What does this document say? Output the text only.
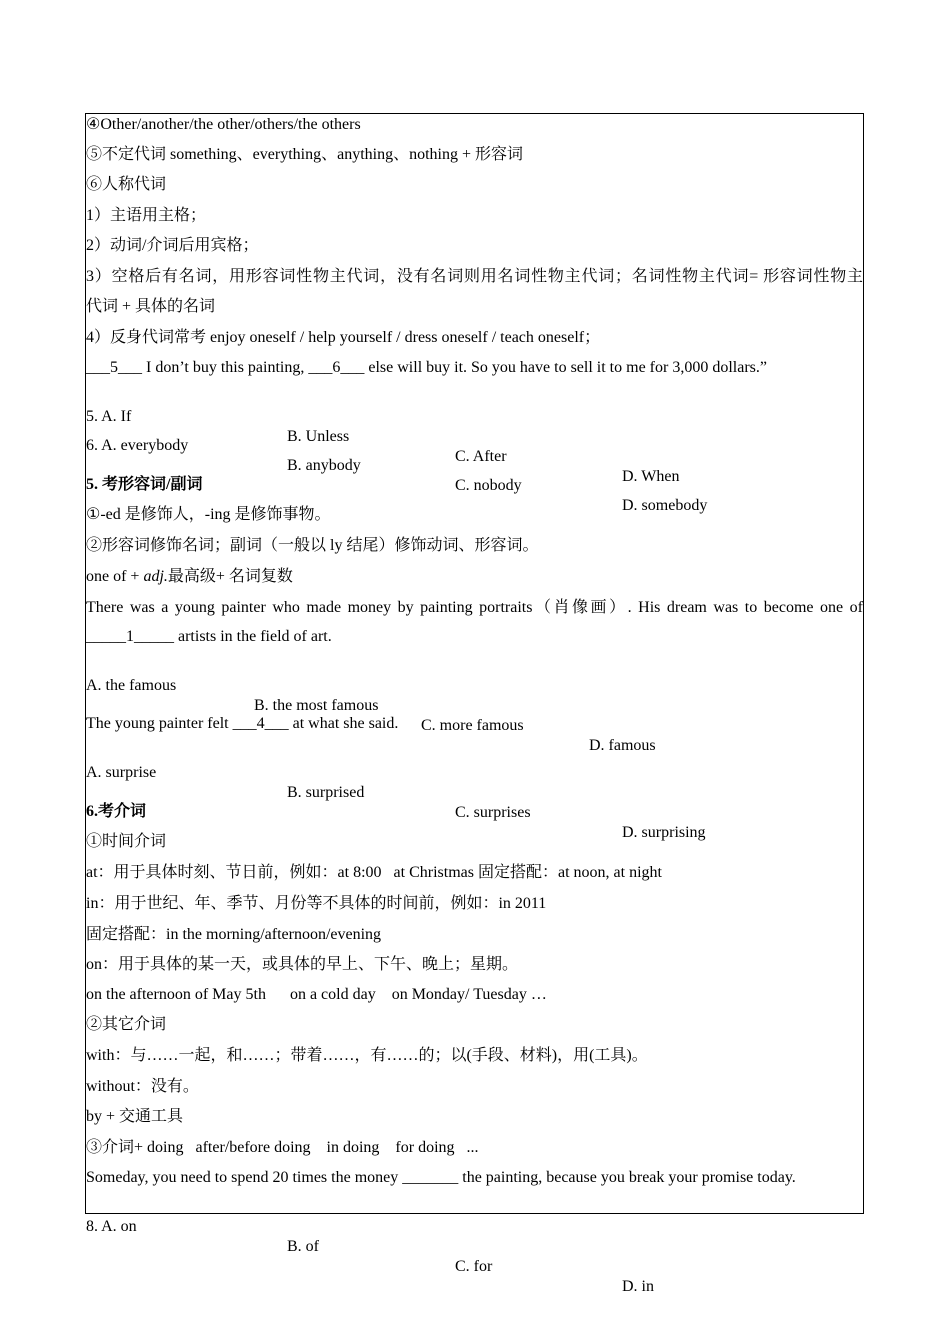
④Other/another/the other/others/the others
⑤不定代词 something、everything、anything、nothing + 形容词
⑥人称代词
1）主语用主格；
2）动词/介词后用宾格；
3）空格后有名词，用形容词性物主代词，没有名词则用名词性物主代词；名词性物主代词= 形容词性物主
代词 + 具体的名词
4）反身代词常考 enjoy oneself / help yourself / dress oneself / teach oneself；
___5___ I don’t buy this painting, ___6___ else will buy it. So you have to sell it to me for 3,000 dollars.”

5. A. If

B. Unless

C. After

D. When

6. A. everybody

B. anybody

C. nobody

D. somebody

5. 考形容词/副词
①-ed 是修饰人，-ing 是修饰事物。
②形容词修饰名词；副词（一般以 ly 结尾）修饰动词、形容词。
one of + adj.最高级+ 名词复数
There was a young painter who made money by painting portraits（肖像画）. His dream was to become one of
_____1_____ artists in the field of art.

A. the famous

B. the most famous

C. more famous

D. famous

The young painter felt ___4___ at what she said.

A. surprise

B. surprised

C. surprises

D. surprising

6.考介词
①时间介词
at：用于具体时刻、节日前，例如：at 8:00   at Christmas 固定搭配：at noon, at night
in：用于世纪、年、季节、月份等不具体的时间前，例如：in 2011
固定搭配：in the morning/afternoon/evening
on：用于具体的某一天，或具体的早上、下午、晚上；星期。
on the afternoon of May 5th      on a cold day    on Monday/ Tuesday …
②其它介词
with：与……一起，和……；带着……，有……的；以(手段、材料)，用(工具)。
without：没有。
by + 交通工具
③介词+ doing   after/before doing    in doing    for doing   ...
Someday, you need to spend 20 times the money _______ the painting, because you break your promise today.

8. A. on

B. of

C. for

D. in
